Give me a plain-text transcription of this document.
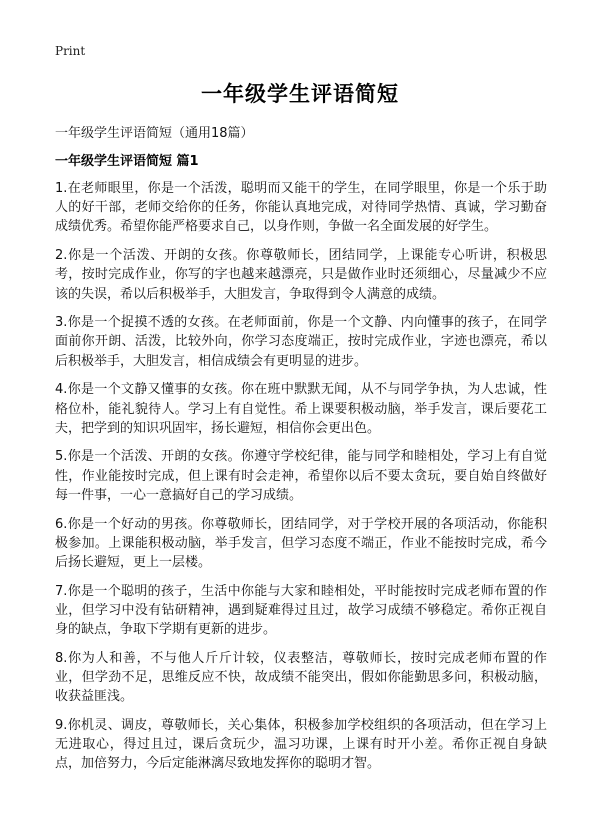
Print
一年级学生评语简短
一年级学生评语简短（通用18篇）
一年级学生评语简短 篇1

1.在老师眼里，你是一个活泼，聪明而又能干的学生，在同学眼里，你是一个乐于助人的好干部，老师交给你的任务，你能认真地完成，对待同学热情、真诚，学习勤奋成绩优秀。希望你能严格要求自己，以身作则，争做一名全面发展的好学生。

2.你是一个活泼、开朗的女孩。你尊敬师长，团结同学，上课能专心听讲，积极思考，按时完成作业，你写的字也越来越漂亮，只是做作业时还须细心，尽量减少不应该的失误，希以后积极举手，大胆发言，争取得到令人满意的成绩。

3.你是一个捉摸不透的女孩。在老师面前，你是一个文静、内向懂事的孩子，在同学面前你开朗、活泼，比较外向，你学习态度端正，按时完成作业，字迹也漂亮，希以后积极举手，大胆发言，相信成绩会有更明显的进步。

4.你是一个文静又懂事的女孩。你在班中默默无闻，从不与同学争执，为人忠诚，性格位朴，能礼貌待人。学习上有自觉性。希上课要积极动脑，举手发言，课后要花工夫，把学到的知识巩固牢，扬长避短，相信你会更出色。

5.你是一个活泼、开朗的女孩。你遵守学校纪律，能与同学和睦相处，学习上有自觉性，作业能按时完成，但上课有时会走神，希望你以后不要太贪玩，要自始自终做好每一件事，一心一意搞好自己的学习成绩。

6.你是一个好动的男孩。你尊敬师长，团结同学，对于学校开展的各项活动，你能积极参加。上课能积极动脑，举手发言，但学习态度不端正，作业不能按时完成，希今后扬长避短，更上一层楼。

7.你是一个聪明的孩子，生活中你能与大家和睦相处，平时能按时完成老师布置的作业，但学习中没有钻研精神，遇到疑难得过且过，故学习成绩不够稳定。希你正视自身的缺点，争取下学期有更新的进步。

8.你为人和善，不与他人斤斤计较，仪表整洁，尊敬师长，按时完成老师布置的作业，但学劲不足，思维反应不快，故成绩不能突出，假如你能勤思多问，积极动脑，收获益匪浅。

9.你机灵、调皮，尊敬师长，关心集体，积极参加学校组织的各项活动，但在学习上无进取心，得过且过，课后贪玩少，温习功课，上课有时开小差。希你正视自身缺点，加倍努力，今后定能淋漓尽致地发挥你的聪明才智。
